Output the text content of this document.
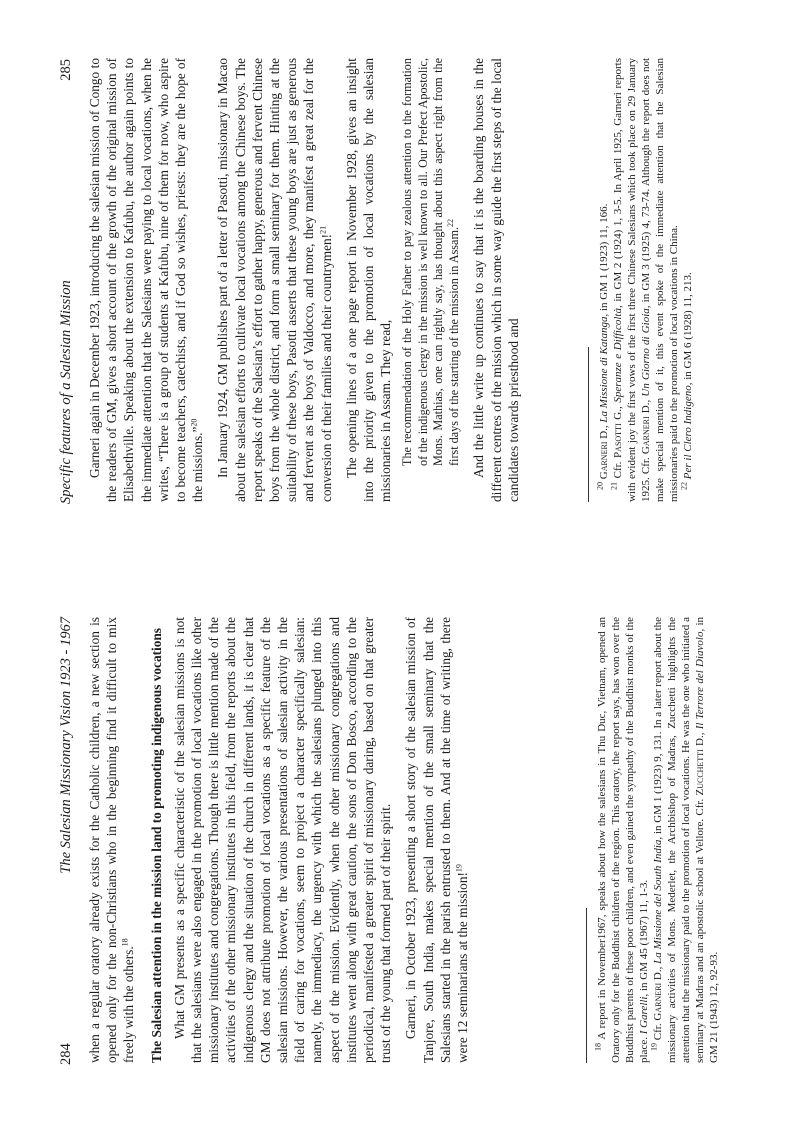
284
The Salesian Missionary Vision 1923 - 1967 when a regular oratory already exists for the Catholic children, a new section is opened only for the non-Christians who in the beginning find it difficult to mix freely with the others.$^{18}$	The Salesian attention in the mission land to promoting indigenous vocations What GM presents as a specific characteristic of the salesian missions is not that the salesians were also engaged in the promotion of local vocations like other missionary institutes and congregations. Though there is little mention made of the activities of the other missionary institutes in this field, from the reports about the indigenous clergy and the situation of the church in different lands, it is clear that GM does not attribute promotion of local vocations as a specific feature of the salesian missions. However, the various presentations of salesian activity in the field of caring for vocations, seem to project a character specifically salesian: namely, the immediacy, the urgency with which the salesians plunged into this aspect of the mission. Evidently, when the other missionary congregations and institutes went along with great caution, the sons of Don Bosco, according to the periodical, manifested a greater spirit of missionary daring, based on that greater trust of the young that formed part of their spirit. Garneri, in October 1923, presenting a short story of the salesian mission of Tanjore, South India, makes special mention of the small seminary that the Salesians started in the parish entrusted to them. And at the time of writing, there were 12 seminarians at the mission!$^{19}$

$^{18}$ A report in November1967, speaks about how the salesians in Thu Duc, Vietnam, opened an Oratory only for the Buddhist children of the region. This oratory, the report says, has won over the Buddhist parents of these poor children, and even gained the sympathy of the Buddhist monks of the place. I Garelli, in GM 45 (1967) 11, 1-3.

$^{19}$ Cfr. Garneri D., La Missione del South India, in GM 1 (1923) 9, 131. In a later report about the missionary activities of Mons. Mederlet, the Archbishop of Madras, Zucchetti highlights the attention that the missionary paid to the promotion of local vocations. He was the one who initiated a seminary at Madras and an apostolic school at Vellore. Cfr. Zucchetti D., Il Terrore del Diavolo, in GM 21 (1943) 12, 92-93.

Specific features of a Salesian Mission
285 Garneri again in December 1923, introducing the salesian mission of Congo to the readers of GM, gives a short account of the growth of the original mission of Elisabethville. Speaking about the extension to Kafubu, the author again points to the immediate attention that the Salesians were paying to local vocations, when he writes, “There is a group of students at Kafubu, nine of them for now, who aspire to become teachers, catechists, and if God so wishes, priests: they are the hope of the missions.”$^{20}$	In January 1924, GM publishes part of a letter of Pasotti, missionary in Macao about the salesian efforts to cultivate local vocations among the Chinese boys. The report speaks of the Salesian’s effort to gather happy, generous and fervent Chinese boys from the whole district, and form a small seminary for them. Hinting at the suitability of these boys, Pasotti asserts that these young boys are just as generous and fervent as the boys of Valdocco, and more, they manifest a great zeal for the conversion of their families and their countrymen!$^{21}$	The opening lines of a one page report in November 1928, gives an insight into the priority given to the promotion of local vocations by the salesian missionaries in Assam. They read, The recommendation of the Holy Father to pay zealous attention to the formation of the indigenous clergy in the mission is well known to all. Our Prefect Apostolic, Mons. Mathias, one can rightly say, has thought about this aspect right from the first days of the starting of the mission in Assam.$^{22}$	And the little write up continues to say that it is the boarding houses in the different centres of the mission which in some way guide the first steps of the local candidates towards priesthood and	$^{20}$ Garneri D., La Missione di Katanga, in GM 1 (1923) 11, 166.

$^{21}$ Cfr. Pasotti G., Speranze e Difficoltà, in GM 2 (1924) 1, 3-5. In April 1925, Garneri reports with evident joy the first vows of the first three Chinese Salesians which took place on 29 January 1925. Cfr. Garneri D., Un Giorno di Gioia, in GM 3 (1925) 4, 73-74. Although the report does not make special mention of it, this event spoke of the immediate attention that the Salesian missionaries paid to the promotion of local vocations in China. $^{22}$ Per il Clero Indigeno, in GM 6 (1928) 11, 213.
